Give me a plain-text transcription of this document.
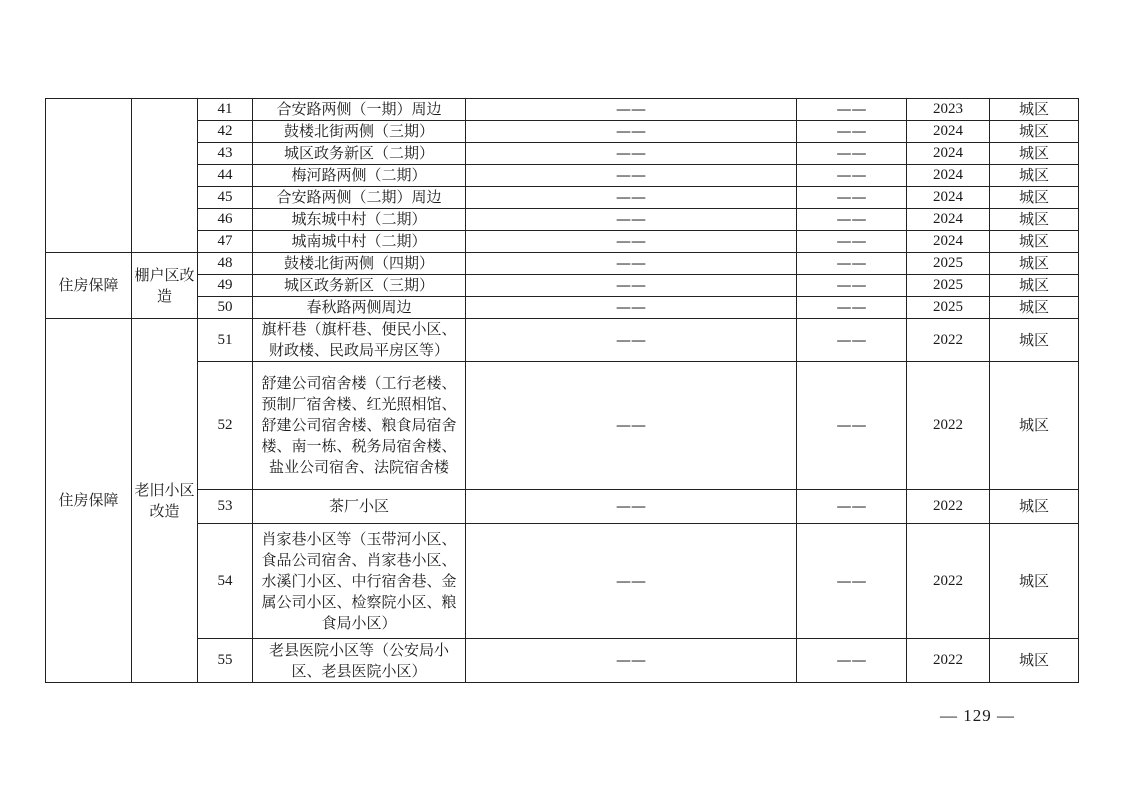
		41	合安路两侧（一期）周边	——	——	2023	城区
		42	鼓楼北街两侧（三期）	——	——	2024	城区
		43	城区政务新区（二期）	——	——	2024	城区
		44	梅河路两侧（二期）	——	——	2024	城区
		45	合安路两侧（二期）周边	——	——	2024	城区
		46	城东城中村（二期）	——	——	2024	城区
		47	城南城中村（二期）	——	——	2024	城区
住房保障	棚户区改造	48	鼓楼北街两侧（四期）	——	——	2025	城区
		49	城区政务新区（三期）	——	——	2025	城区
		50	春秋路两侧周边	——	——	2025	城区
住房保障	老旧小区改造	51	旗杆巷（旗杆巷、便民小区、财政楼、民政局平房区等）	——	——	2022	城区
		52	舒建公司宿舍楼（工行老楼、预制厂宿舍楼、红光照相馆、舒建公司宿舍楼、粮食局宿舍楼、南一栋、税务局宿舍楼、盐业公司宿舍、法院宿舍楼	——	——	2022	城区
		53	茶厂小区	——	——	2022	城区
		54	肖家巷小区等（玉带河小区、食品公司宿舍、肖家巷小区、水溪门小区、中行宿舍巷、金属公司小区、检察院小区、粮食局小区）	——	——	2022	城区
		55	老县医院小区等（公安局小区、老县医院小区）	——	——	2022	城区
— 129 —
